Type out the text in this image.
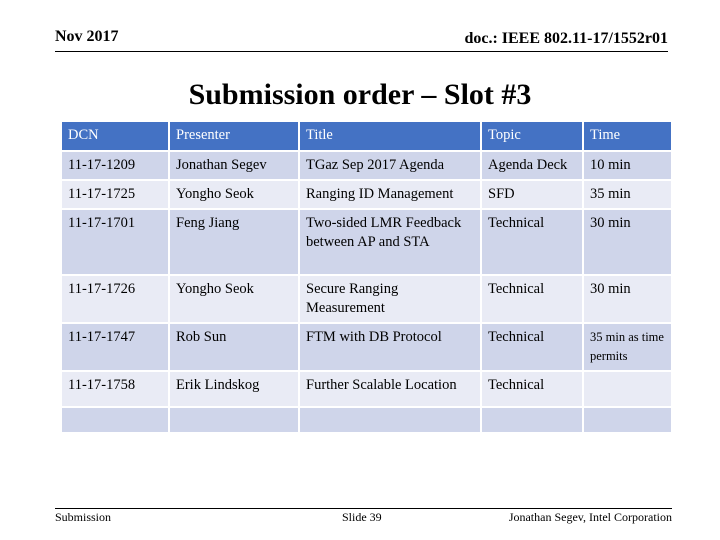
Nov 2017	doc.: IEEE 802.11-17/1552r01
Submission order – Slot #3
DCN	Presenter	Title	Topic	Time
11-17-1209	Jonathan Segev	TGaz Sep 2017 Agenda	Agenda Deck	10 min
11-17-1725	Yongho Seok	Ranging ID Management	SFD	35 min
11-17-1701	Feng Jiang	Two-sided LMR Feedback between AP and STA	Technical	30 min
11-17-1726	Yongho Seok	Secure Ranging Measurement	Technical	30 min
11-17-1747	Rob Sun	FTM with DB Protocol	Technical	35 min as time permits
11-17-1758	Erik Lindskog	Further Scalable Location	Technical	

Submission	Slide 39	Jonathan Segev, Intel Corporation
